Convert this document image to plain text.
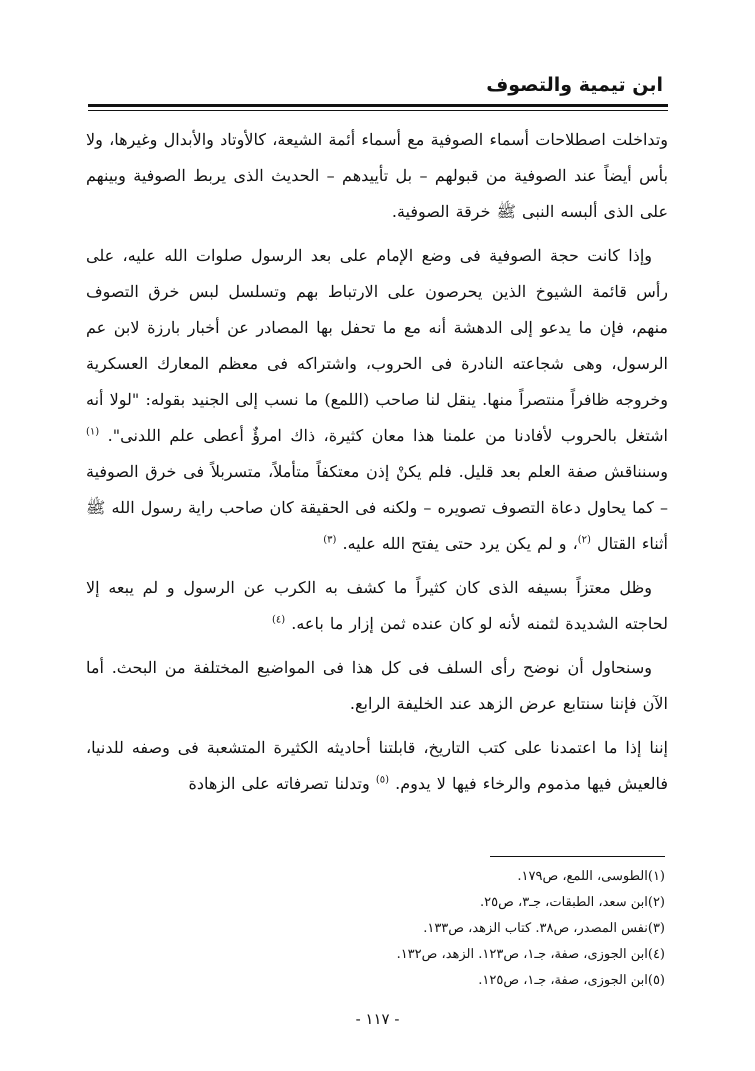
ابن تيمية والتصوف

وتداخلت اصطلاحات أسماء الصوفية مع أسماء أئمة الشيعة، كالأوتاد والأبدال وغيرها، ولا بأس أيضاً عند الصوفية من قبولهم – بل تأييدهم – الحديث الذى يربط الصوفية وبينهم على الذى ألبسه النبى ﷺ خرقة الصوفية.

وإذا كانت حجة الصوفية فى وضع الإمام على بعد الرسول صلوات الله عليه، على رأس قائمة الشيوخ الذين يحرصون على الارتباط بهم وتسلسل لبس خرق التصوف منهم، فإن ما يدعو إلى الدهشة أنه مع ما تحفل بها المصادر عن أخبار بارزة لابن عم الرسول، وهى شجاعته النادرة فى الحروب، واشتراكه فى معظم المعارك العسكرية وخروجه ظافراً منتصراً منها. ينقل لنا صاحب (اللمع) ما نسب إلى الجنيد بقوله: "لولا أنه اشتغل بالحروب لأفادنا من علمنا هذا معان كثيرة، ذاك امرؤٌ أعطى علم اللدنى". $^{(١)}$ وسنناقش صفة العلم بعد قليل. فلم يكنْ إذن معتكفاً متأملاً، متسربلاً فى خرق الصوفية – كما يحاول دعاة التصوف تصويره – ولكنه فى الحقيقة كان صاحب راية رسول الله ﷺ أثناء القتال $^{(٢)}$، و لم يكن يرد حتى يفتح الله عليه. $^{(٣)}$

وظل معتزاً بسيفه الذى كان كثيراً ما كشف به الكرب عن الرسول و لم يبعه إلا لحاجته الشديدة لثمنه لأنه لو كان عنده ثمن إزار ما باعه. $^{(٤)}$

وسنحاول أن نوضح رأى السلف فى كل هذا فى المواضيع المختلفة من البحث. أما الآن فإننا سنتابع عرض الزهد عند الخليفة الرابع.

إننا إذا ما اعتمدنا على كتب التاريخ، قابلتنا أحاديثه الكثيرة المتشعبة فى وصفه للدنيا، فالعيش فيها مذموم والرخاء فيها لا يدوم. $^{(٥)}$ وتدلنا تصرفاته على الزهادة

(١)الطوسى، اللمع، ص١٧٩.
(٢)ابن سعد، الطبقات، جـ٣، ص٢٥.
(٣)نفس المصدر، ص٣٨. كتاب الزهد، ص١٣٣.
(٤)ابن الجوزى، صفة، جـ١، ص١٢٣. الزهد، ص١٣٢.
(٥)ابن الجوزى، صفة، جـ١، ص١٢٥.
- ١١٧ -
